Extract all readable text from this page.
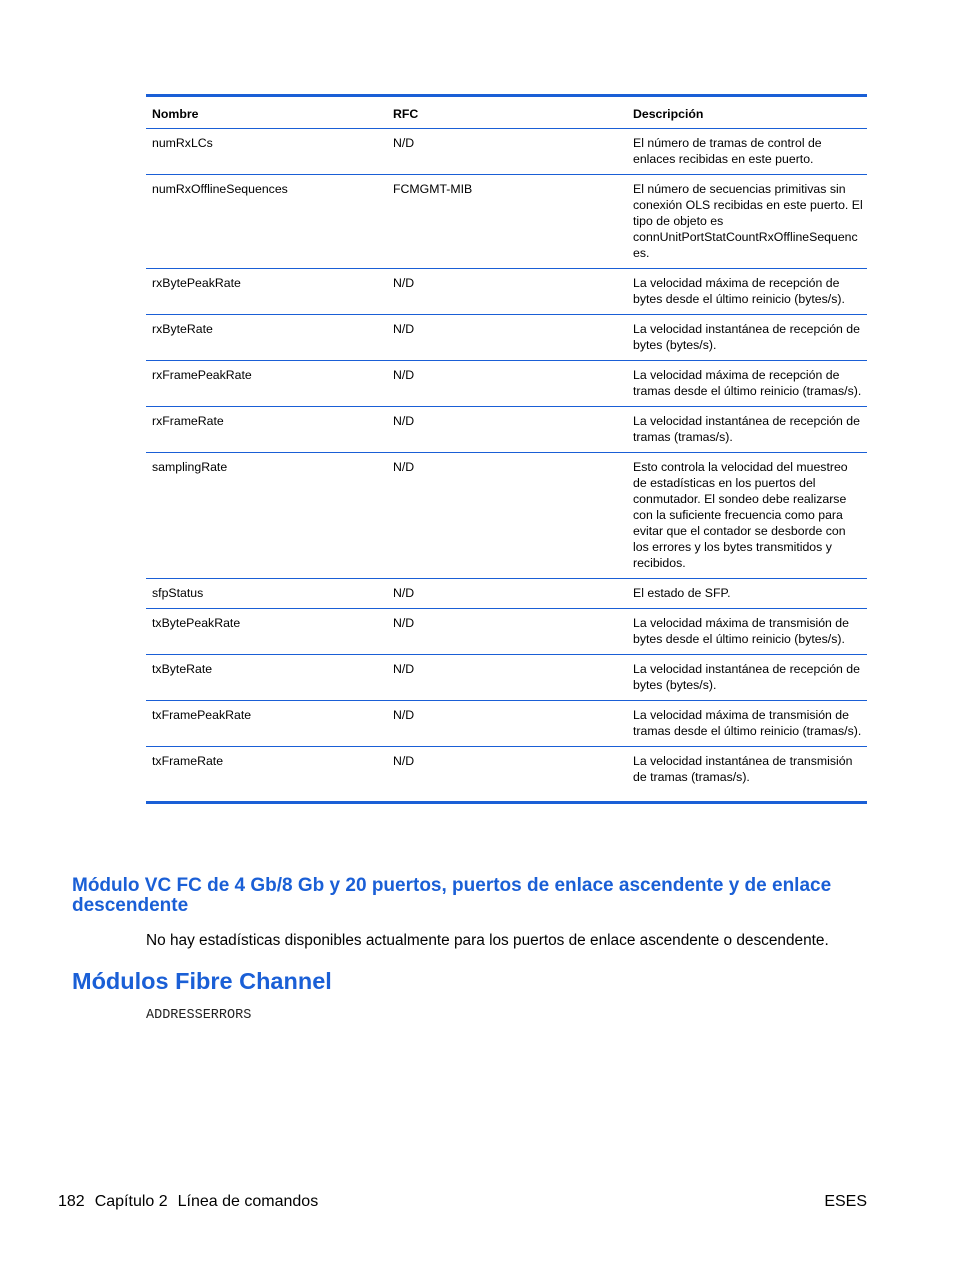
Nombre	RFC	Descripción
numRxLCs	N/D	El número de tramas de control de enlaces recibidas en este puerto.
numRxOfflineSequences	FCMGMT-MIB	El número de secuencias primitivas sin conexión OLS recibidas en este puerto. El tipo de objeto es connUnitPortStatCountRxOfflineSequences.
rxBytePeakRate	N/D	La velocidad máxima de recepción de bytes desde el último reinicio (bytes/s).
rxByteRate	N/D	La velocidad instantánea de recepción de bytes (bytes/s).
rxFramePeakRate	N/D	La velocidad máxima de recepción de tramas desde el último reinicio (tramas/s).
rxFrameRate	N/D	La velocidad instantánea de recepción de tramas (tramas/s).
samplingRate	N/D	Esto controla la velocidad del muestreo de estadísticas en los puertos del conmutador. El sondeo debe realizarse con la suficiente frecuencia como para evitar que el contador se desborde con los errores y los bytes transmitidos y recibidos.
sfpStatus	N/D	El estado de SFP.
txBytePeakRate	N/D	La velocidad máxima de transmisión de bytes desde el último reinicio (bytes/s).
txByteRate	N/D	La velocidad instantánea de recepción de bytes (bytes/s).
txFramePeakRate	N/D	La velocidad máxima de transmisión de tramas desde el último reinicio (tramas/s).
txFrameRate	N/D	La velocidad instantánea de transmisión de tramas (tramas/s).
Módulo VC FC de 4 Gb/8 Gb y 20 puertos, puertos de enlace ascendente y de enlace descendente

No hay estadísticas disponibles actualmente para los puertos de enlace ascendente o descendente.

Módulos Fibre Channel
ADDRESSERRORS
182 Capítulo 2 Línea de comandos	ESES
